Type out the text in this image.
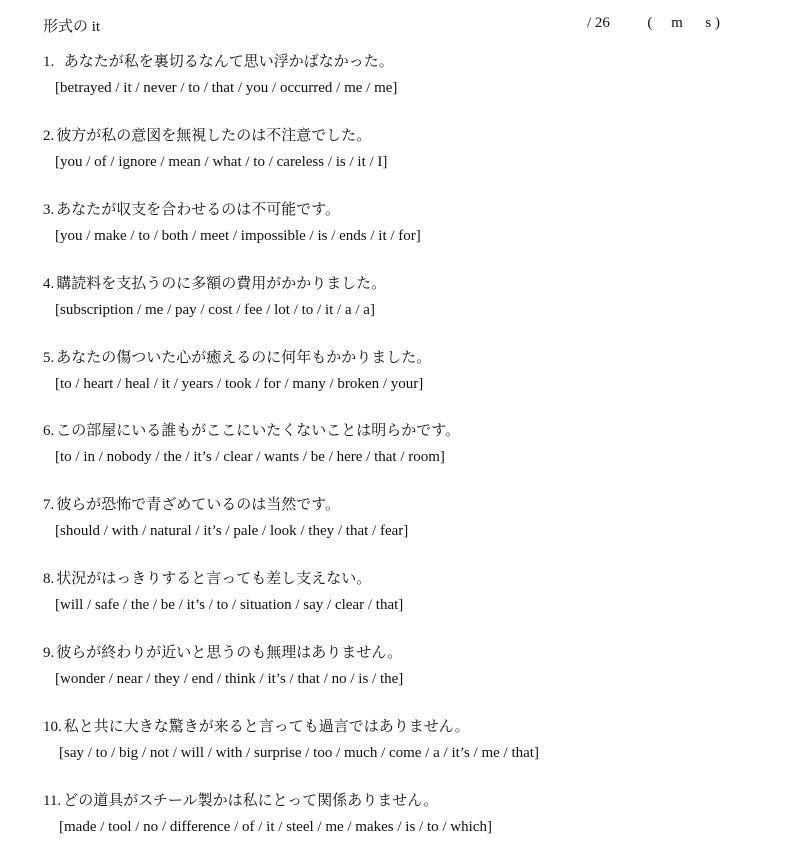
形式の it	/ 26	( m s )
1. あなたが私を裏切るなんて思い浮かばなかった。
[betrayed / it / never / to / that / you / occurred / me / me]
2. 彼方が私の意図を無視したのは不注意でした。
[you / of / ignore / mean / what / to / careless / is / it / I]
3. あなたが収支を合わせるのは不可能です。
[you / make / to / both / meet / impossible / is / ends / it / for]
4. 購読料を支払うのに多額の費用がかかりました。
[subscription / me / pay / cost / fee / lot / to / it / a / a]
5. あなたの傷ついた心が癒えるのに何年もかかりました。
[to / heart / heal / it / years / took / for / many / broken / your]
6. この部屋にいる誰もがここにいたくないことは明らかです。
[to / in / nobody / the / it’s / clear / wants / be / here / that / room]
7. 彼らが恐怖で青ざめているのは当然です。
[should / with / natural / it’s / pale / look / they / that / fear]
8. 状況がはっきりすると言っても差し支えない。
[will / safe / the / be / it’s / to / situation / say / clear / that]
9. 彼らが終わりが近いと思うのも無理はありません。
[wonder / near / they / end / think / it’s / that / no / is / the]
10. 私と共に大きな驚きが来ると言っても過言ではありません。
[say / to / big / not / will / with / surprise / too / much / come / a / it’s / me / that]
11. どの道具がスチール製かは私にとって関係ありません。
[made / tool / no / difference / of / it / steel / me / makes / is / to / which]
